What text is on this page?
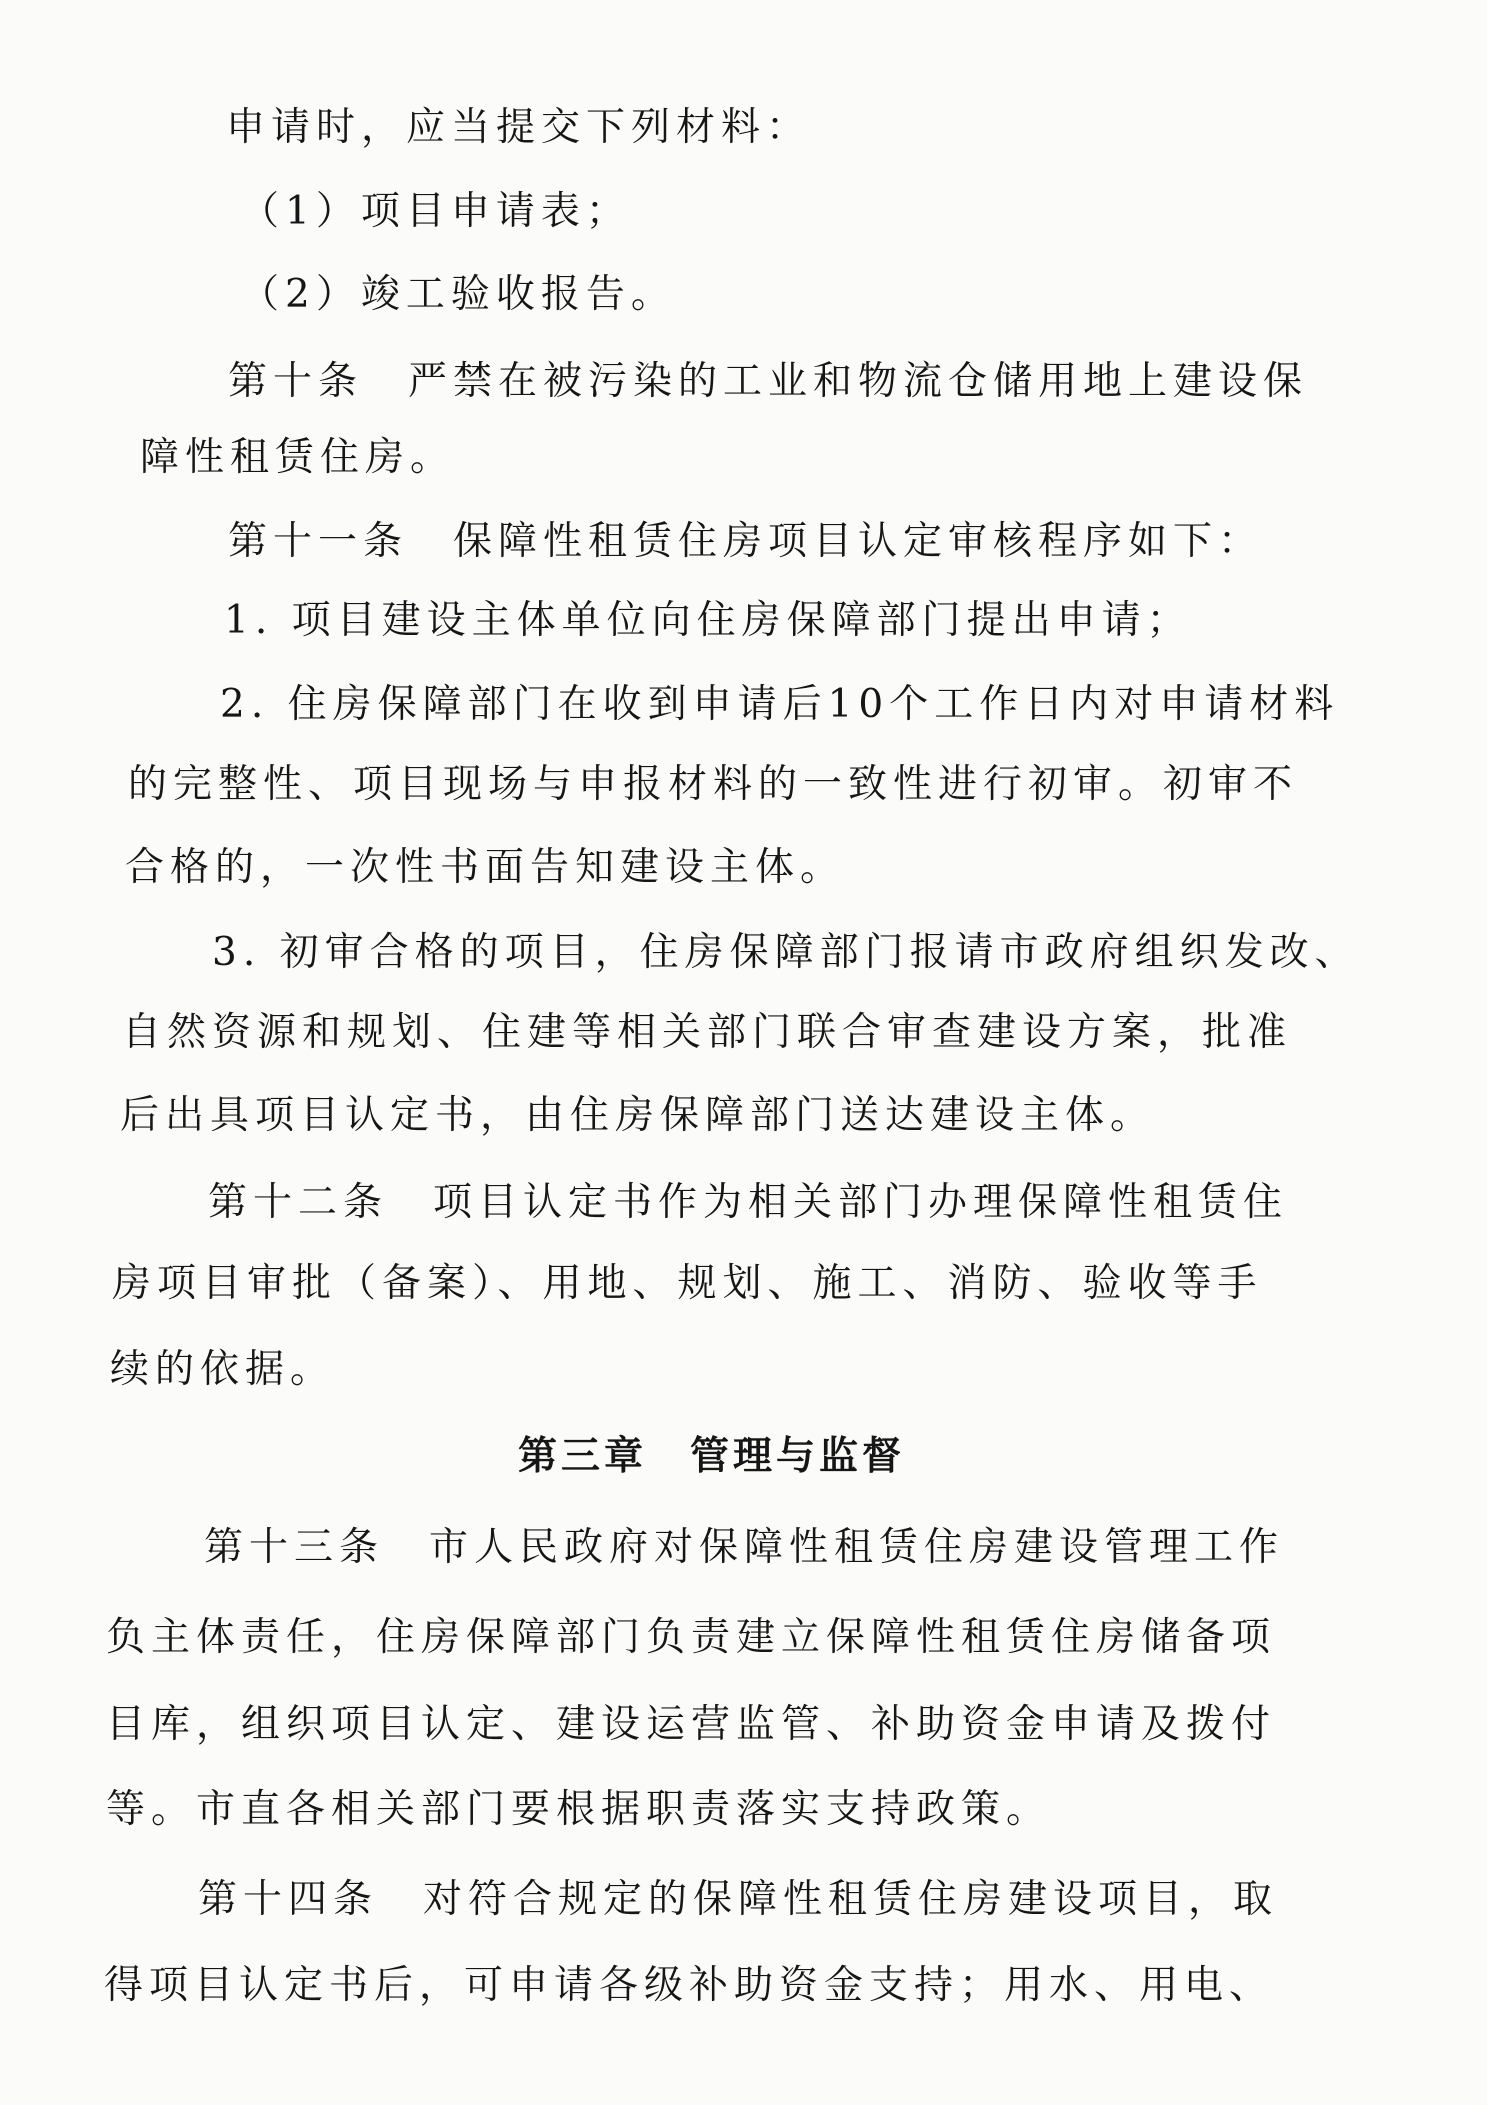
申请时，应当提交下列材料：
（1）项目申请表；
（2）竣工验收报告。
第十条　严禁在被污染的工业和物流仓储用地上建设保
障性租赁住房。
第十一条　保障性租赁住房项目认定审核程序如下：
1. 项目建设主体单位向住房保障部门提出申请；
2. 住房保障部门在收到申请后10个工作日内对申请材料
的完整性、项目现场与申报材料的一致性进行初审。初审不
合格的，一次性书面告知建设主体。
3. 初审合格的项目，住房保障部门报请市政府组织发改、
自然资源和规划、住建等相关部门联合审查建设方案，批准
后出具项目认定书，由住房保障部门送达建设主体。
第十二条　项目认定书作为相关部门办理保障性租赁住
房项目审批（备案）、用地、规划、施工、消防、验收等手
续的依据。
第三章　管理与监督
第十三条　市人民政府对保障性租赁住房建设管理工作
负主体责任，住房保障部门负责建立保障性租赁住房储备项
目库，组织项目认定、建设运营监管、补助资金申请及拨付
等。市直各相关部门要根据职责落实支持政策。
第十四条　对符合规定的保障性租赁住房建设项目，取
得项目认定书后，可申请各级补助资金支持；用水、用电、
